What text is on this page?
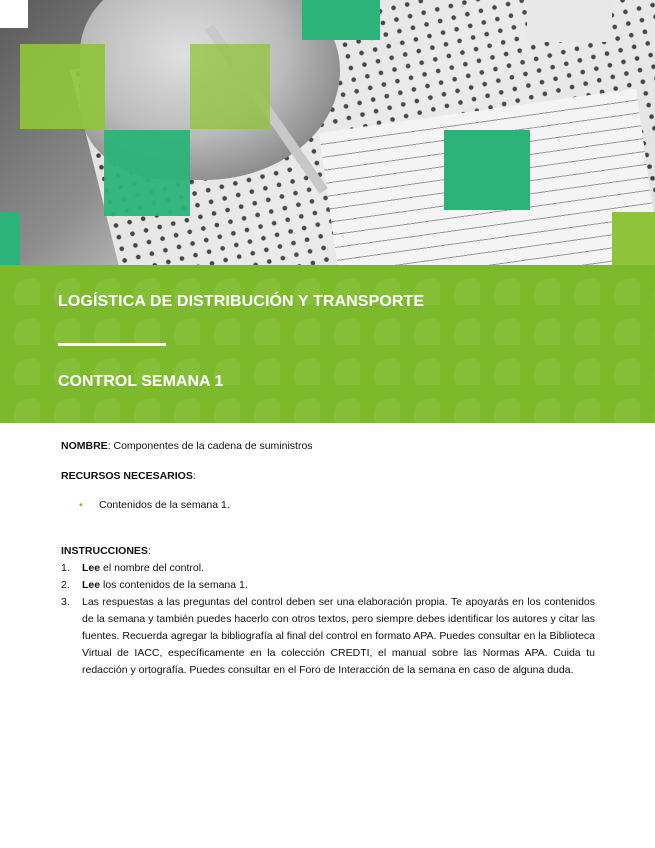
LOGÍSTICA DE DISTRIBUCIÓN Y TRANSPORTE
CONTROL SEMANA 1

NOMBRE: Componentes de la cadena de suministros

RECURSOS NECESARIOS:

• Contenidos de la semana 1.

INSTRUCCIONES:

1. Lee el nombre del control.
2. Lee los contenidos de la semana 1.
3. Las respuestas a las preguntas del control deben ser una elaboración propia. Te apoyarás en los contenidos de la semana y también puedes hacerlo con otros textos, pero siempre debes identificar los autores y citar las fuentes. Recuerda agregar la bibliografía al final del control en formato APA. Puedes consultar en la Biblioteca Virtual de IACC, específicamente en la colección CREDTI, el manual sobre las Normas APA. Cuida tu redacción y ortografía. Puedes consultar en el Foro de Interacción de la semana en caso de alguna duda.
